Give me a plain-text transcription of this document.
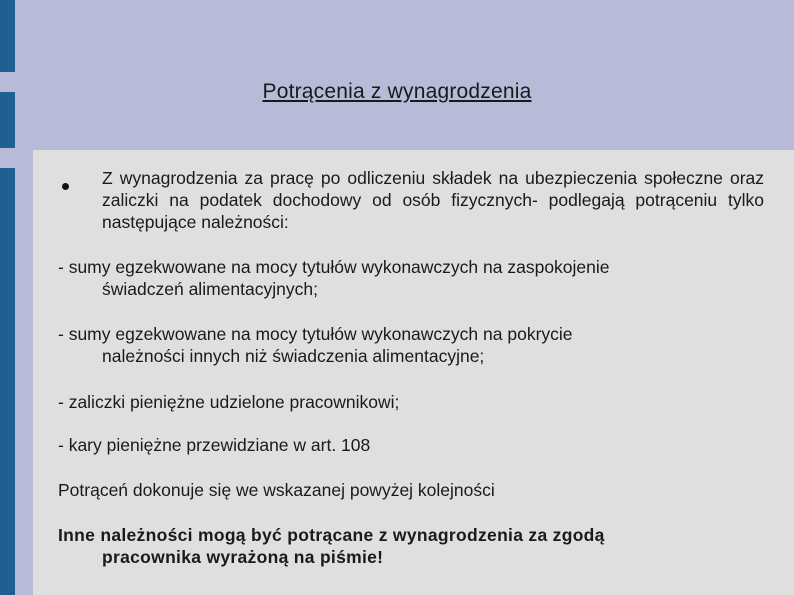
Potrącenia z wynagrodzenia
Z wynagrodzenia za pracę po odliczeniu składek na ubezpieczenia społeczne oraz zaliczki na podatek dochodowy od osób fizycznych- podlegają potrąceniu tylko następujące należności:
- sumy egzekwowane na mocy tytułów wykonawczych na zaspokojenie
świadczeń alimentacyjnych;
- sumy egzekwowane na mocy tytułów wykonawczych na pokrycie
należności innych niż świadczenia alimentacyjne;
- zaliczki pieniężne udzielone pracownikowi;
- kary pieniężne przewidziane w art. 108
Potrąceń dokonuje się we wskazanej powyżej kolejności
Inne należności mogą być potrącane z wynagrodzenia za zgodą
pracownika wyrażoną na piśmie!
